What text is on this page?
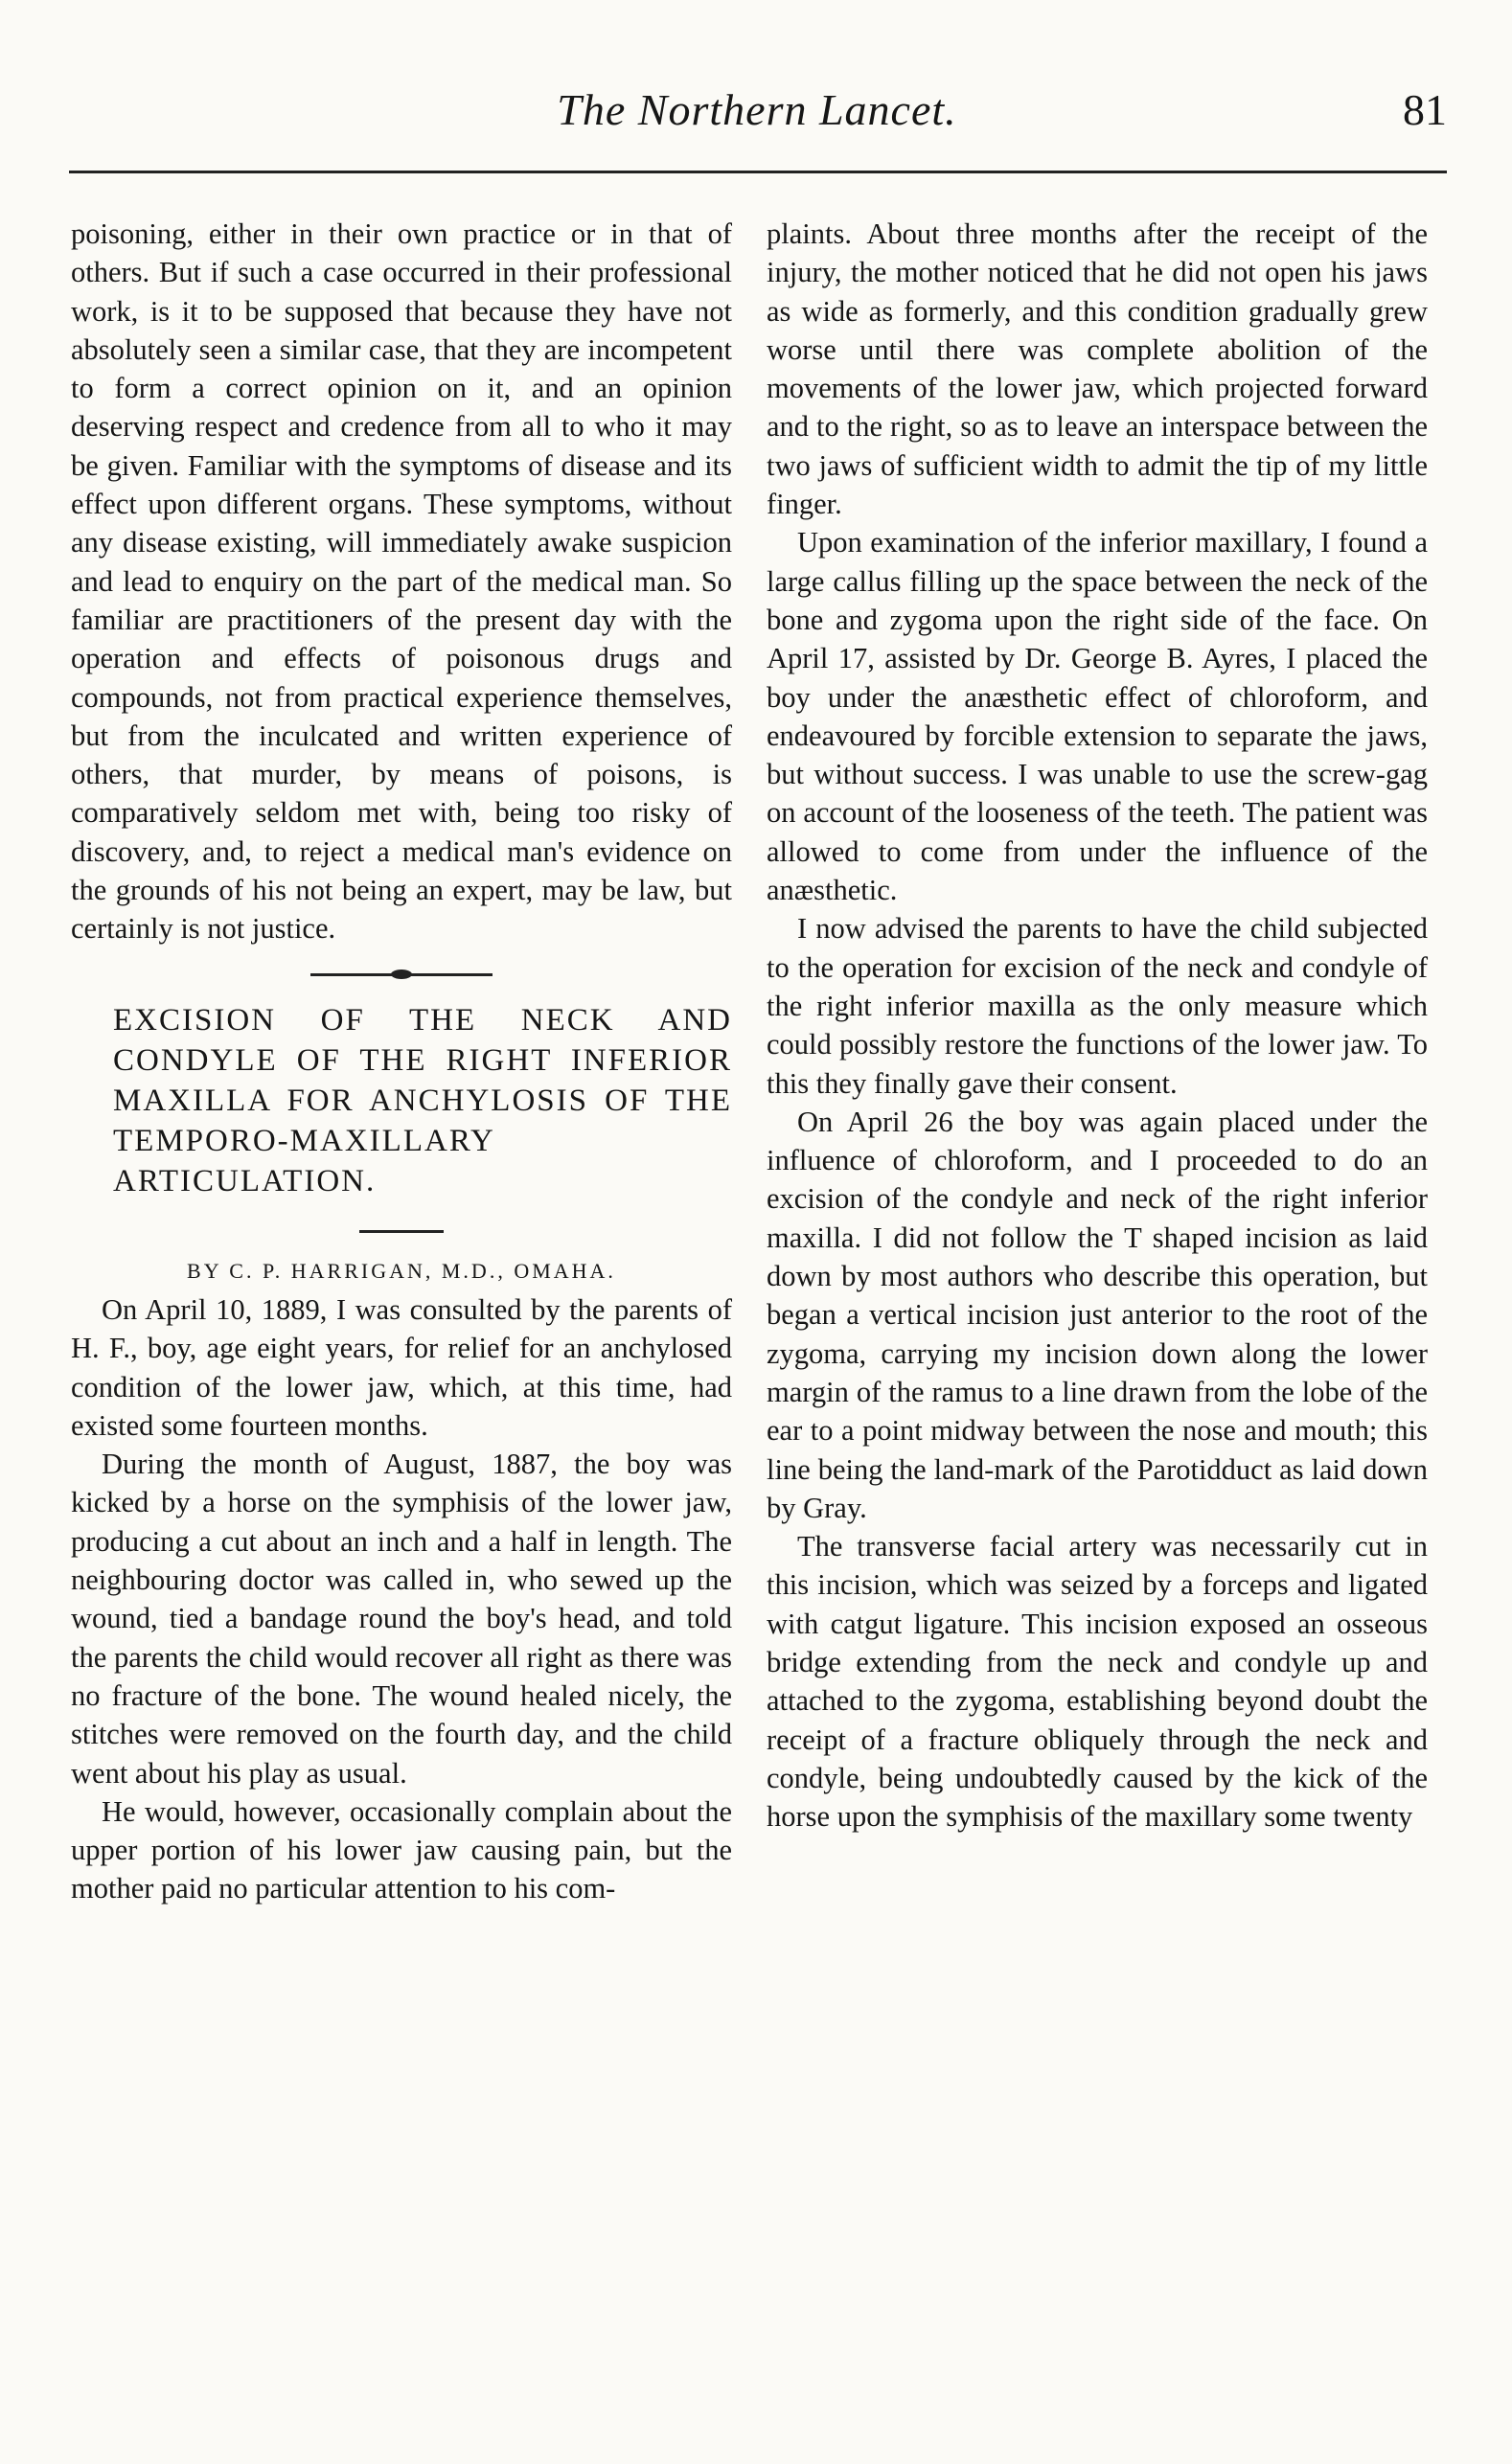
The Northern Lancet.	81

poisoning, either in their own practice or in that of others. But if such a case occurred in their professional work, is it to be supposed that because they have not absolutely seen a similar case, that they are incompetent to form a correct opinion on it, and an opinion deserving respect and credence from all to who it may be given. Familiar with the symptoms of disease and its effect upon different organs. These symptoms, without any disease existing, will immediately awake suspicion and lead to enquiry on the part of the medical man. So familiar are practitioners of the present day with the operation and effects of poisonous drugs and compounds, not from practical experience themselves, but from the inculcated and written experience of others, that murder, by means of poisons, is comparatively seldom met with, being too risky of discovery, and, to reject a medical man's evidence on the grounds of his not being an expert, may be law, but certainly is not justice.

EXCISION OF THE NECK AND CONDYLE OF THE RIGHT INFERIOR MAXILLA FOR ANCHYLOSIS OF THE TEMPORO-MAXILLARY ARTICULATION.

BY C. P. HARRIGAN, M.D., OMAHA.

On April 10, 1889, I was consulted by the parents of H. F., boy, age eight years, for relief for an anchylosed condition of the lower jaw, which, at this time, had existed some fourteen months.

During the month of August, 1887, the boy was kicked by a horse on the symphisis of the lower jaw, producing a cut about an inch and a half in length. The neighbouring doctor was called in, who sewed up the wound, tied a bandage round the boy's head, and told the parents the child would recover all right as there was no fracture of the bone. The wound healed nicely, the stitches were removed on the fourth day, and the child went about his play as usual.

He would, however, occasionally complain about the upper portion of his lower jaw causing pain, but the mother paid no particular attention to his com-

plaints. About three months after the receipt of the injury, the mother noticed that he did not open his jaws as wide as formerly, and this condition gradually grew worse until there was complete abolition of the movements of the lower jaw, which projected forward and to the right, so as to leave an interspace between the two jaws of sufficient width to admit the tip of my little finger.

Upon examination of the inferior maxillary, I found a large callus filling up the space between the neck of the bone and zygoma upon the right side of the face. On April 17, assisted by Dr. George B. Ayres, I placed the boy under the anæsthetic effect of chloroform, and endeavoured by forcible extension to separate the jaws, but without success. I was unable to use the screw-gag on account of the looseness of the teeth. The patient was allowed to come from under the influence of the anæsthetic.

I now advised the parents to have the child subjected to the operation for excision of the neck and condyle of the right inferior maxilla as the only measure which could possibly restore the functions of the lower jaw. To this they finally gave their consent.

On April 26 the boy was again placed under the influence of chloroform, and I proceeded to do an excision of the condyle and neck of the right inferior maxilla. I did not follow the T shaped incision as laid down by most authors who describe this operation, but began a vertical incision just anterior to the root of the zygoma, carrying my incision down along the lower margin of the ramus to a line drawn from the lobe of the ear to a point midway between the nose and mouth; this line being the land-mark of the Parotidduct as laid down by Gray.

The transverse facial artery was necessarily cut in this incision, which was seized by a forceps and ligated with catgut ligature. This incision exposed an osseous bridge extending from the neck and condyle up and attached to the zygoma, establishing beyond doubt the receipt of a fracture obliquely through the neck and condyle, being undoubtedly caused by the kick of the horse upon the symphisis of the maxillary some twenty
